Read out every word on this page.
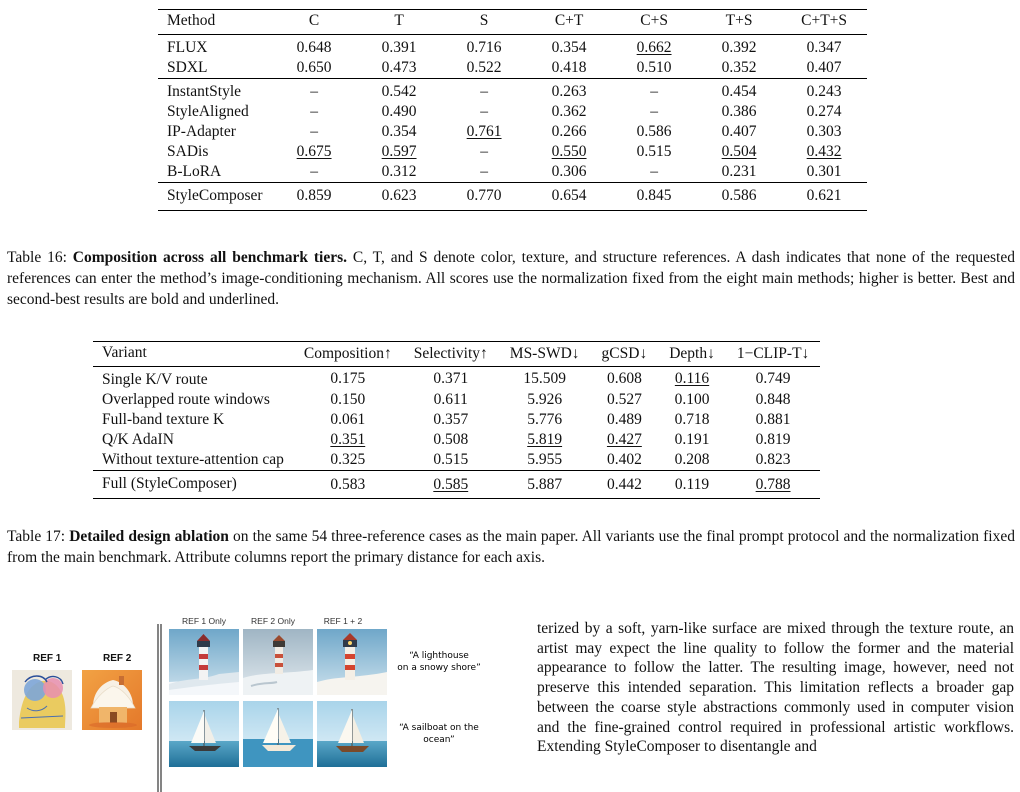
Method	C	T	S	C+T	C+S	T+S	C+T+S
FLUX	0.648	0.391	0.716	0.354	0.662	0.392	0.347
SDXL	0.650	0.473	0.522	0.418	0.510	0.352	0.407
InstantStyle	–	0.542	–	0.263	–	0.454	0.243
StyleAligned	–	0.490	–	0.362	–	0.386	0.274
IP-Adapter	–	0.354	0.761	0.266	0.586	0.407	0.303
SADis	0.675	0.597	–	0.550	0.515	0.504	0.432
B-LoRA	–	0.312	–	0.306	–	0.231	0.301
StyleComposer	0.859	0.623	0.770	0.654	0.845	0.586	0.621
Table 16: Composition across all benchmark tiers. C, T, and S denote color, texture, and structure references. A dash indicates that none of the requested references can enter the method’s image-conditioning mechanism. All scores use the normalization fixed from the eight main methods; higher is better. Best and second-best results are bold and underlined.
Variant	Composition↑	Selectivity↑	MS-SWD↓	gCSD↓	Depth↓	1−CLIP-T↓
Single K/V route	0.175	0.371	15.509	0.608	0.116	0.749
Overlapped route windows	0.150	0.611	5.926	0.527	0.100	0.848
Full-band texture K	0.061	0.357	5.776	0.489	0.718	0.881
Q/K AdaIN	0.351	0.508	5.819	0.427	0.191	0.819
Without texture-attention cap	0.325	0.515	5.955	0.402	0.208	0.823
Full (StyleComposer)	0.583	0.585	5.887	0.442	0.119	0.788
Table 17: Detailed design ablation on the same 54 three-reference cases as the main paper. All variants use the final prompt protocol and the normalization fixed from the main benchmark. Attribute columns report the primary distance for each axis.
REF 1	REF 2
REF 1 Only	REF 2 Only	REF 1 + 2
“A lighthouse
on a snowy shore”
“A sailboat on the
ocean”
terized by a soft, yarn-like surface are mixed through the texture route, an artist may expect the line quality to follow the former and the material appearance to follow the latter. The resulting image, however, need not preserve this intended separation. This limitation reflects a broader gap between the coarse style abstractions commonly used in computer vision and the fine-grained control required in professional artistic workflows. Extending StyleComposer to disentangle and
